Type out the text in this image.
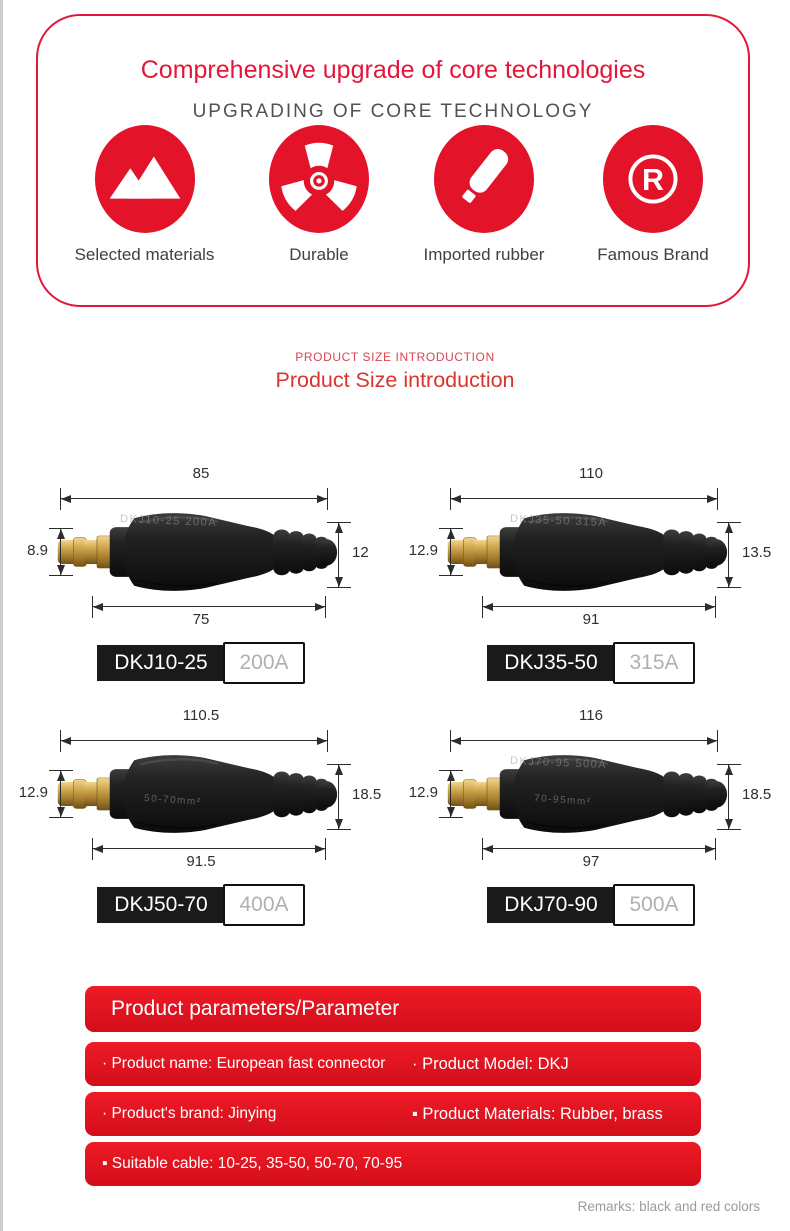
Comprehensive upgrade of core technologies
UPGRADING OF CORE TECHNOLOGY
Selected materials	Durable	Imported rubber
R
Famous Brand
PRODUCT SIZE INTRODUCTION
Product Size introduction
85
DKJ10-25 200A
8.9	12
75
DKJ10-25	200A
110
DKJ35-50 315A
12.9	13.5
91
DKJ35-50	315A
110.5
50-70mm²
12.9	18.5
91.5
DKJ50-70	400A
116
DKJ70-95 500A
70-95mm²
12.9	18.5
97
DKJ70-90	500A
Product parameters/Parameter
· Product name: European fast connector	· Product Model: DKJ
· Product's brand: Jinying	▪ Product Materials: Rubber, brass
▪ Suitable cable: 10-25, 35-50, 50-70, 70-95
Remarks: black and red colors
